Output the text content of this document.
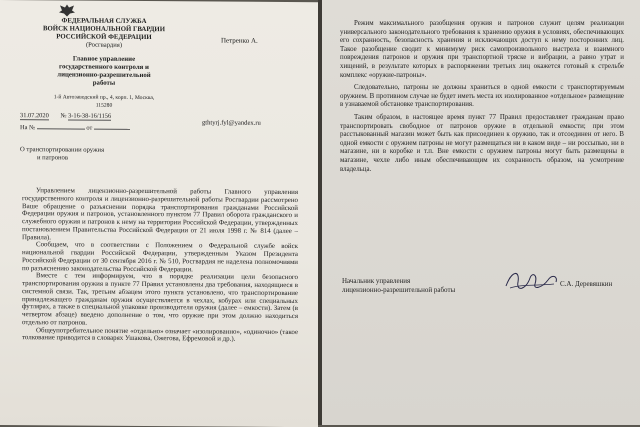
ФЕДЕРАЛЬНАЯ СЛУЖБА
ВОЙСК НАЦИОНАЛЬНОЙ ГВАРДИИ
РОССИЙСКОЙ ФЕДЕРАЦИИ
(Росгвардия)
Главное управление
государственного контроля и
лицензионно-разрешительной
работы
1-й Автозаводский пр., 4, корп. 1, Москва,
115280
31.07.2020 № 3-16-38-16/1156
На №	от
Петренко А.
gthtyrj.fyl@yandex.ru
О транспортировании оружия
и патронов

Управлением лицензионно-разрешительной работы Главного управления государственного контроля и лицензионно-разрешительной работы Росгвардии рассмотрено Ваше обращение о разъяснении порядка транспортирования гражданами Российской Федерации оружия и патронов, установленного пунктом 77 Правил оборота гражданского и служебного оружия и патронов к нему на территории Российской Федерации, утвержденных постановлением Правительства Российской Федерации от 21 июля 1998 г. № 814 (далее – Правила).

Сообщаем, что в соответствии с Положением о Федеральной службе войск национальной гвардии Российской Федерации, утвержденным Указом Президента Российской Федерации от 30 сентября 2016 г. № 510, Росгвардия не наделена полномочиями по разъяснению законодательства Российской Федерации.

Вместе с тем информируем, что в порядке реализации цели безопасного транспортирования оружия в пункте 77 Правил установлены два требования, находящиеся в системной связи. Так, третьим абзацем этого пункта установлено, что транспортирование принадлежащего гражданам оружия осуществляется в чехлах, кобурах или специальных футлярах, а также в специальной упаковке производителя оружия (далее – емкости). Затем (в четвертом абзаце) введено дополнение о том, что оружие при этом должно находиться отдельно от патронов.

Общеупотребительное понятие «отдельно» означает «изолированно», «одиночно» (такое толкование приводится в словарях Ушакова, Ожегова, Ефремовой и др.).

Режим максимального разобщения оружия и патронов служит целям реализации универсального законодательного требования к хранению оружия в условиях, обеспечивающих его сохранность, безопасность хранения и исключающих доступ к нему посторонних лиц. Такое разобщение сводит к минимуму риск самопроизвольного выстрела и взаимного повреждения патронов и оружия при транспортной тряске и вибрации, а равно утрат и хищений, в результате которых в распоряжении третьих лиц окажется готовый к стрельбе комплекс «оружие-патроны».

Следовательно, патроны не должны храниться в одной емкости с транспортируемым оружием. В противном случае не будет иметь места их изолированное «отдельное» размещение в узнаваемой обстановке транспортирования.

Таким образом, в настоящее время пункт 77 Правил предоставляет гражданам право транспортировать свободное от патронов оружие в отдельной емкости; при этом расстыкованный магазин может быть как присоединен к оружию, так и отсоединен от него. В одной емкости с оружием патроны не могут размещаться ни в каком виде – ни россыпью, ни в магазине, ни в коробке и т.п. Вне емкости с оружием патроны могут быть размещены в магазине, чехле либо иным обеспечивающим их сохранность образом, на усмотрение владельца.

Начальник управления
лицензионно-разрешительной работы
С.А. Деревяшкин
